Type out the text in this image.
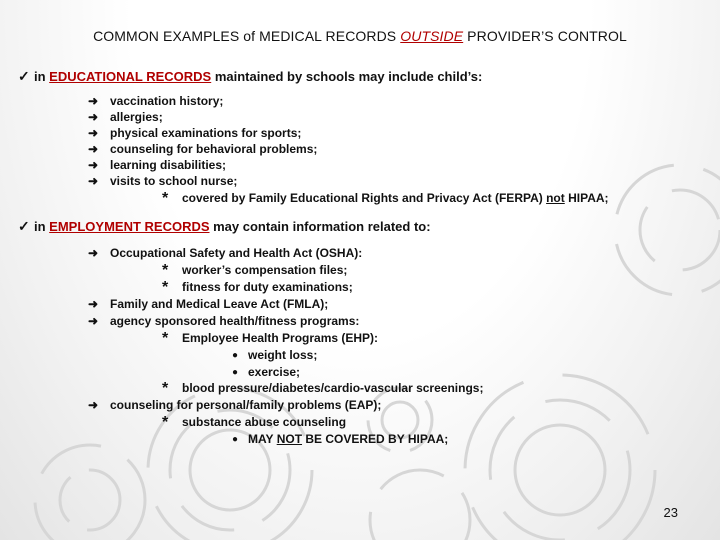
COMMON EXAMPLES of MEDICAL RECORDS OUTSIDE PROVIDER’S CONTROL
✓ in EDUCATIONAL RECORDS maintained by schools may include child’s:
➜ vaccination history;
➜ allergies;
➜ physical examinations for sports;
➜ counseling for behavioral problems;
➜ learning disabilities;
➜ visits to school nurse;
* covered by Family Educational Rights and Privacy Act (FERPA) not HIPAA;
✓ in EMPLOYMENT RECORDS may contain information related to:
➜ Occupational Safety and Health Act (OSHA):
* worker’s compensation files;
* fitness for duty examinations;
➜ Family and Medical Leave Act (FMLA);
➜ agency sponsored health/fitness programs:
* Employee Health Programs (EHP):
● weight loss;
● exercise;
* blood pressure/diabetes/cardio-vascular screenings;
➜ counseling for personal/family problems (EAP);
* substance abuse counseling
● MAY NOT BE COVERED BY HIPAA;
23
